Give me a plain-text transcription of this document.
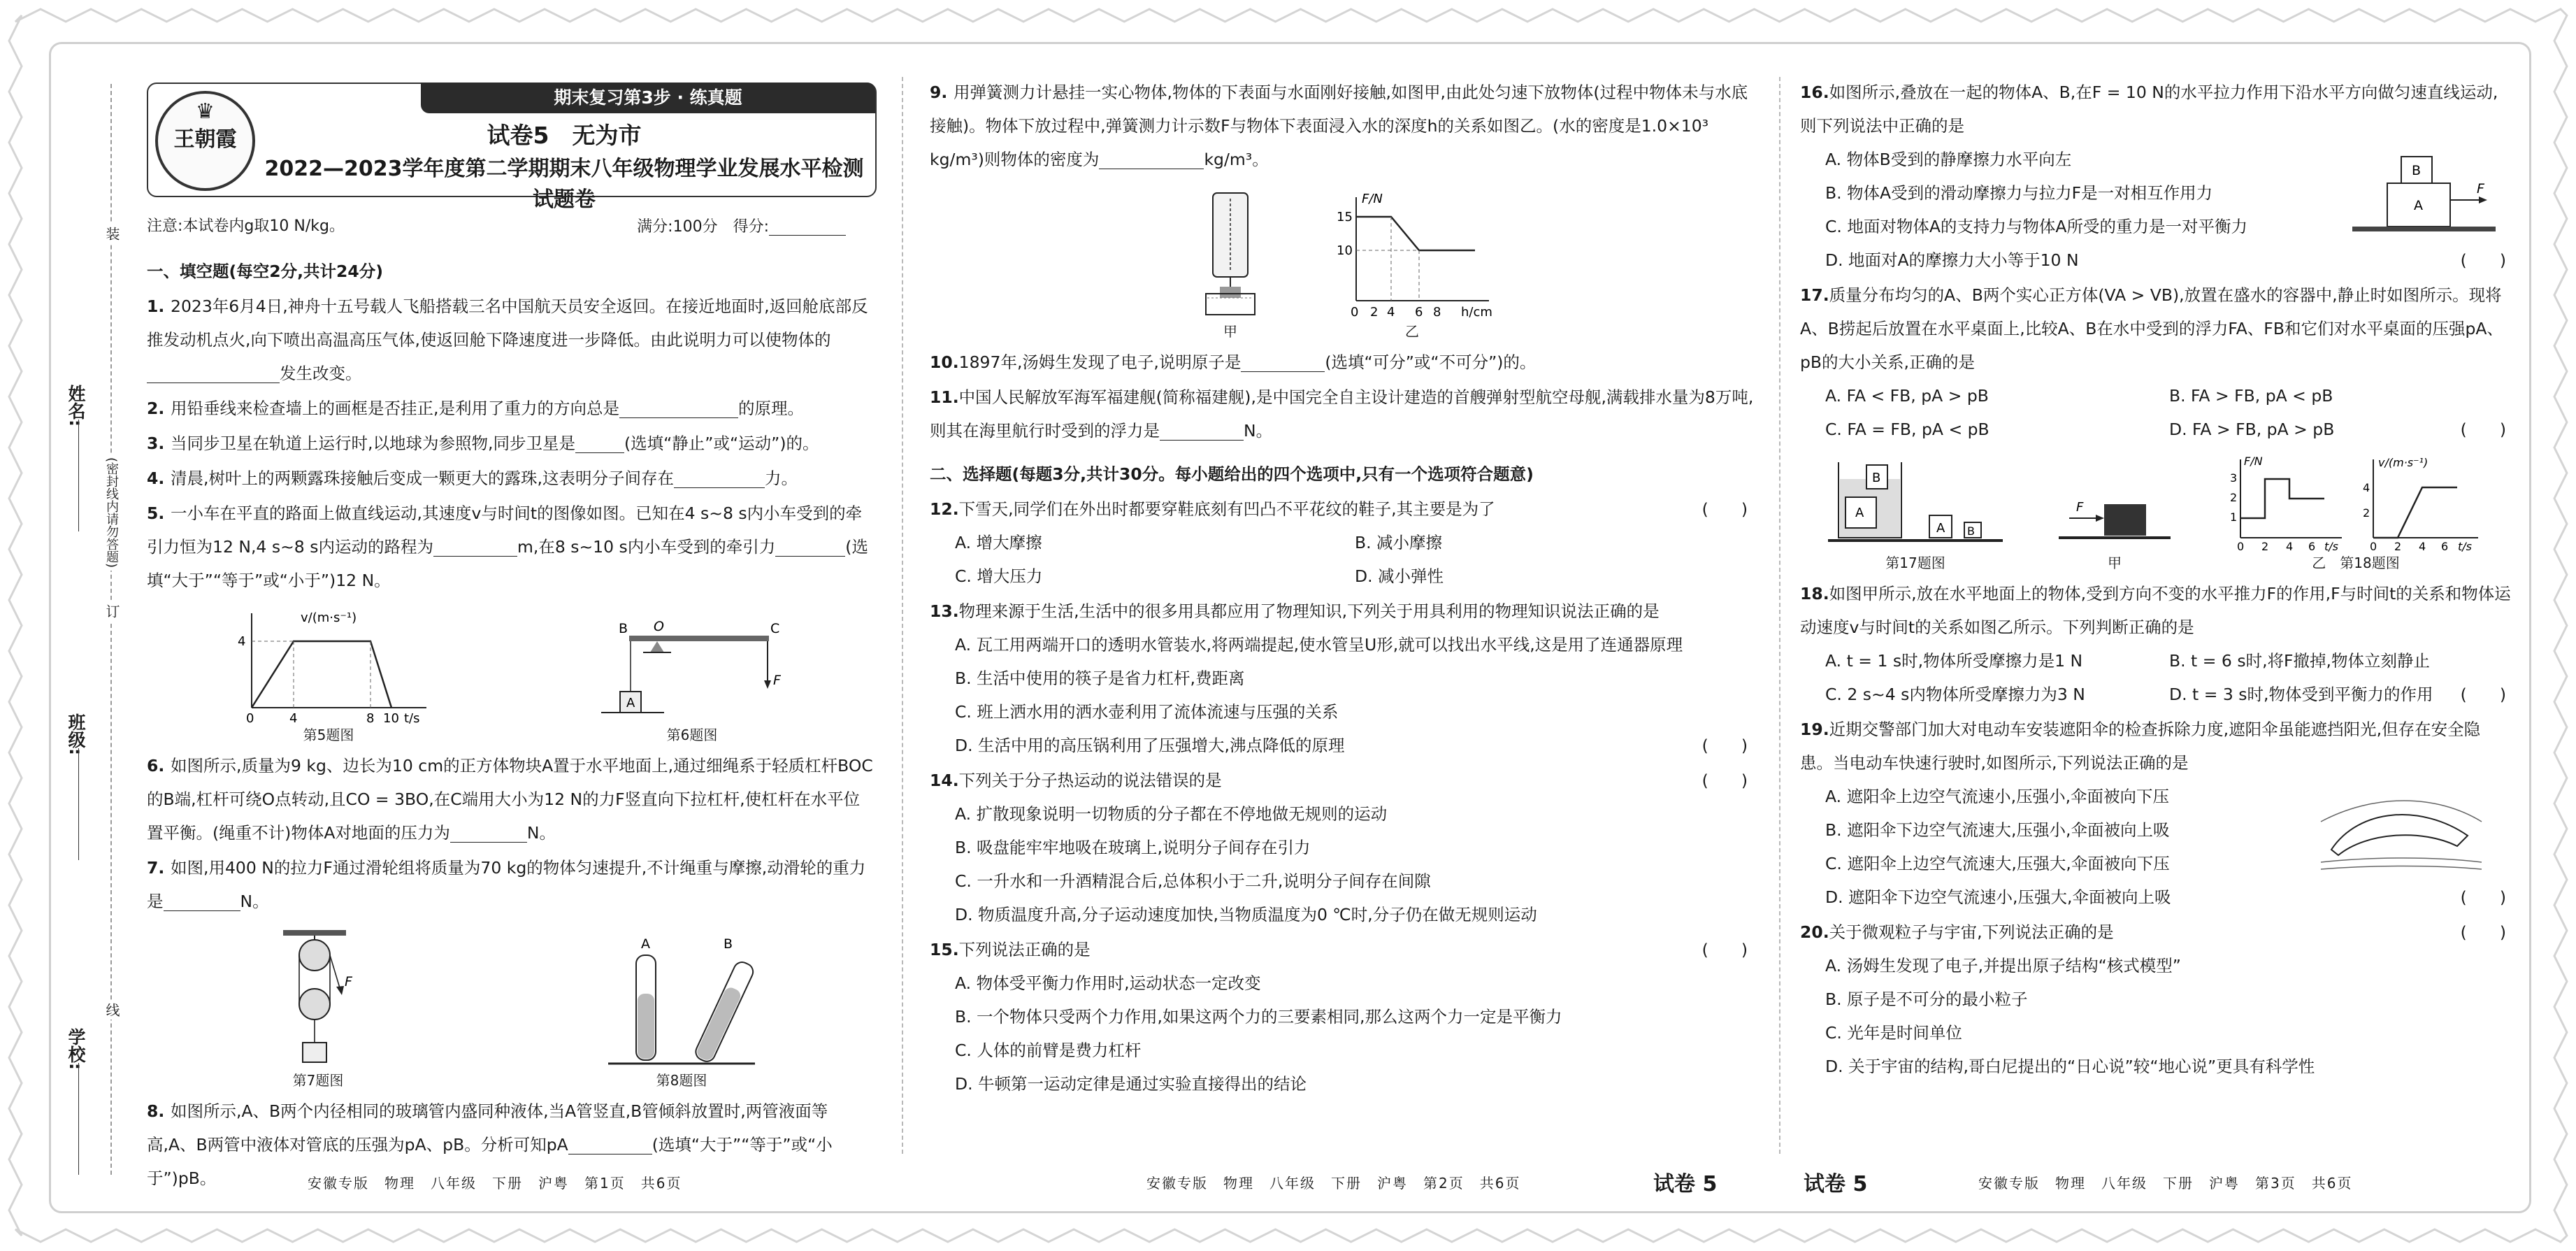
姓名:
班级:
学校:
装
订
线
(密封线内请勿答题)
期末复习第3步 · 练真题
♛
王朝霞	试卷5　无为市
2022—2023学年度第二学期期末八年级物理学业发展水平检测试题卷
注意:本试卷内g取10 N/kg。	满分:100分　得分:
一、填空题(每空2分,共计24分)

1. 2023年6月4日,神舟十五号载人飞船搭载三名中国航天员安全返回。在接近地面时,返回舱底部反推发动机点火,向下喷出高温高压气体,使返回舱下降速度进一步降低。由此说明力可以使物体的发生改变。

2. 用铅垂线来检查墙上的画框是否挂正,是利用了重力的方向总是	的原理。

3. 当同步卫星在轨道上运行时,以地球为参照物,同步卫星是	(选填“静止”或“运动”)的。

4. 清晨,树叶上的两颗露珠接触后变成一颗更大的露珠,这表明分子间存在	力。

5. 一小车在平直的路面上做直线运动,其速度v与时间t的图像如图。已知在4 s~8 s内小车受到的牵引力恒为12 N,4 s~8 s内运动的路程为	m,在8 s~10 s内小车受到的牵引力	(选填“大于”“等于”或“小于”)12 N。

v/(m·s⁻¹)
t/s
4
0	4	8 10
第5题图
B O	C
F
A
第6题图

6. 如图所示,质量为9 kg、边长为10 cm的正方体物块A置于水平地面上,通过细绳系于轻质杠杆BOC的B端,杠杆可绕O点转动,且CO = 3BO,在C端用大小为12 N的力F竖直向下拉杠杆,使杠杆在水平位置平衡。(绳重不计)物体A对地面的压力为	N。

7. 如图,用400 N的拉力F通过滑轮组将质量为70 kg的物体匀速提升,不计绳重与摩擦,动滑轮的重力是	N。

F
第7题图
A	B
第8题图

8. 如图所示,A、B两个内径相同的玻璃管内盛同种液体,当A管竖直,B管倾斜放置时,两管液面等高,A、B两管中液体对管底的压强为pA、pB。分析可知pA	(选填“大于”“等于”或“小于”)pB。

9. 用弹簧测力计悬挂一实心物体,物体的下表面与水面刚好接触,如图甲,由此处匀速下放物体(过程中物体未与水底接触)。物体下放过程中,弹簧测力计示数F与物体下表面浸入水的深度h的关系如图乙。(水的密度是1.0×10³ kg/m³)则物体的密度为	kg/m³。

甲
F/N
h/cm
15
10
0 2 4 6 8
乙

10.1897年,汤姆生发现了电子,说明原子是	(选填“可分”或“不可分”)的。

11.中国人民解放军海军福建舰(简称福建舰),是中国完全自主设计建造的首艘弹射型航空母舰,满载排水量为8万吨,则其在海里航行时受到的浮力是	N。

二、选择题(每题3分,共计30分。每小题给出的四个选项中,只有一个选项符合题意)

12.下雪天,同学们在外出时都要穿鞋底刻有凹凸不平花纹的鞋子,其主要是为了	(　　)

A. 增大摩擦	B. 减小摩擦
C. 增大压力	D. 减小弹性

13.物理来源于生活,生活中的很多用具都应用了物理知识,下列关于用具利用的物理知识说法正确的是
(　　)

A. 瓦工用两端开口的透明水管装水,将两端提起,使水管呈U形,就可以找出水平线,这是用了连通器原理
B. 生活中使用的筷子是省力杠杆,费距离
C. 班上洒水用的洒水壶利用了流体流速与压强的关系
D. 生活中用的高压锅利用了压强增大,沸点降低的原理

14.下列关于分子热运动的说法错误的是	(　　)

A. 扩散现象说明一切物质的分子都在不停地做无规则的运动
B. 吸盘能牢牢地吸在玻璃上,说明分子间存在引力
C. 一升水和一升酒精混合后,总体积小于二升,说明分子间存在间隙
D. 物质温度升高,分子运动速度加快,当物质温度为0 ℃时,分子仍在做无规则运动

15.下列说法正确的是	(　　)

A. 物体受平衡力作用时,运动状态一定改变
B. 一个物体只受两个力作用,如果这两个力的三要素相同,那么这两个力一定是平衡力
C. 人体的前臂是费力杠杆
D. 牛顿第一运动定律是通过实验直接得出的结论

16.如图所示,叠放在一起的物体A、B,在F = 10 N的水平拉力作用下沿水平方向做匀速直线运动,则下列说法中正确的是
(　　)

A. 物体B受到的静摩擦力水平向左
B. 物体A受到的滑动摩擦力与拉力F是一对相互作用力
C. 地面对物体A的支持力与物体A所受的重力是一对平衡力
D. 地面对A的摩擦力大小等于10 N
B
A
F

17.质量分布均匀的A、B两个实心正方体(VA > VB),放置在盛水的容器中,静止时如图所示。现将A、B捞起后放置在水平桌面上,比较A、B在水中受到的浮力FA、FB和它们对水平桌面的压强pA、pB的大小关系,正确的是
(　　)

A. FA < FB, pA > pB	B. FA > FB, pA < pB
C. FA = FB, pA < pB	D. FA > FB, pA > pB
A
B
A B
第17题图
F
甲
F/N
3
2
1
0 2 4 6 t/s
v/(m·s⁻¹)
4
2
0 2 4 6 t/s
乙　 第18题图

18.如图甲所示,放在水平地面上的物体,受到方向不变的水平推力F的作用,F与时间t的关系和物体运动速度v与时间t的关系如图乙所示。下列判断正确的是
(　　)

A. t = 1 s时,物体所受摩擦力是1 N	B. t = 6 s时,将F撤掉,物体立刻静止
C. 2 s~4 s内物体所受摩擦力为3 N	D. t = 3 s时,物体受到平衡力的作用

19.近期交警部门加大对电动车安装遮阳伞的检查拆除力度,遮阳伞虽能遮挡阳光,但存在安全隐患。当电动车快速行驶时,如图所示,下列说法正确的是
(　　)

A. 遮阳伞上边空气流速小,压强小,伞面被向下压
B. 遮阳伞下边空气流速大,压强小,伞面被向上吸
C. 遮阳伞上边空气流速大,压强大,伞面被向下压
D. 遮阳伞下边空气流速小,压强大,伞面被向上吸

20.关于微观粒子与宇宙,下列说法正确的是	(　　)

A. 汤姆生发现了电子,并提出原子结构“核式模型”
B. 原子是不可分的最小粒子
C. 光年是时间单位
D. 关于宇宙的结构,哥白尼提出的“日心说”较“地心说”更具有科学性
安徽专版　物理　八年级　下册　沪粤　第1页　共6页	安徽专版　物理　八年级　下册　沪粤　第2页　共6页	试卷 5	试卷 5	安徽专版　物理　八年级　下册　沪粤　第3页　共6页
